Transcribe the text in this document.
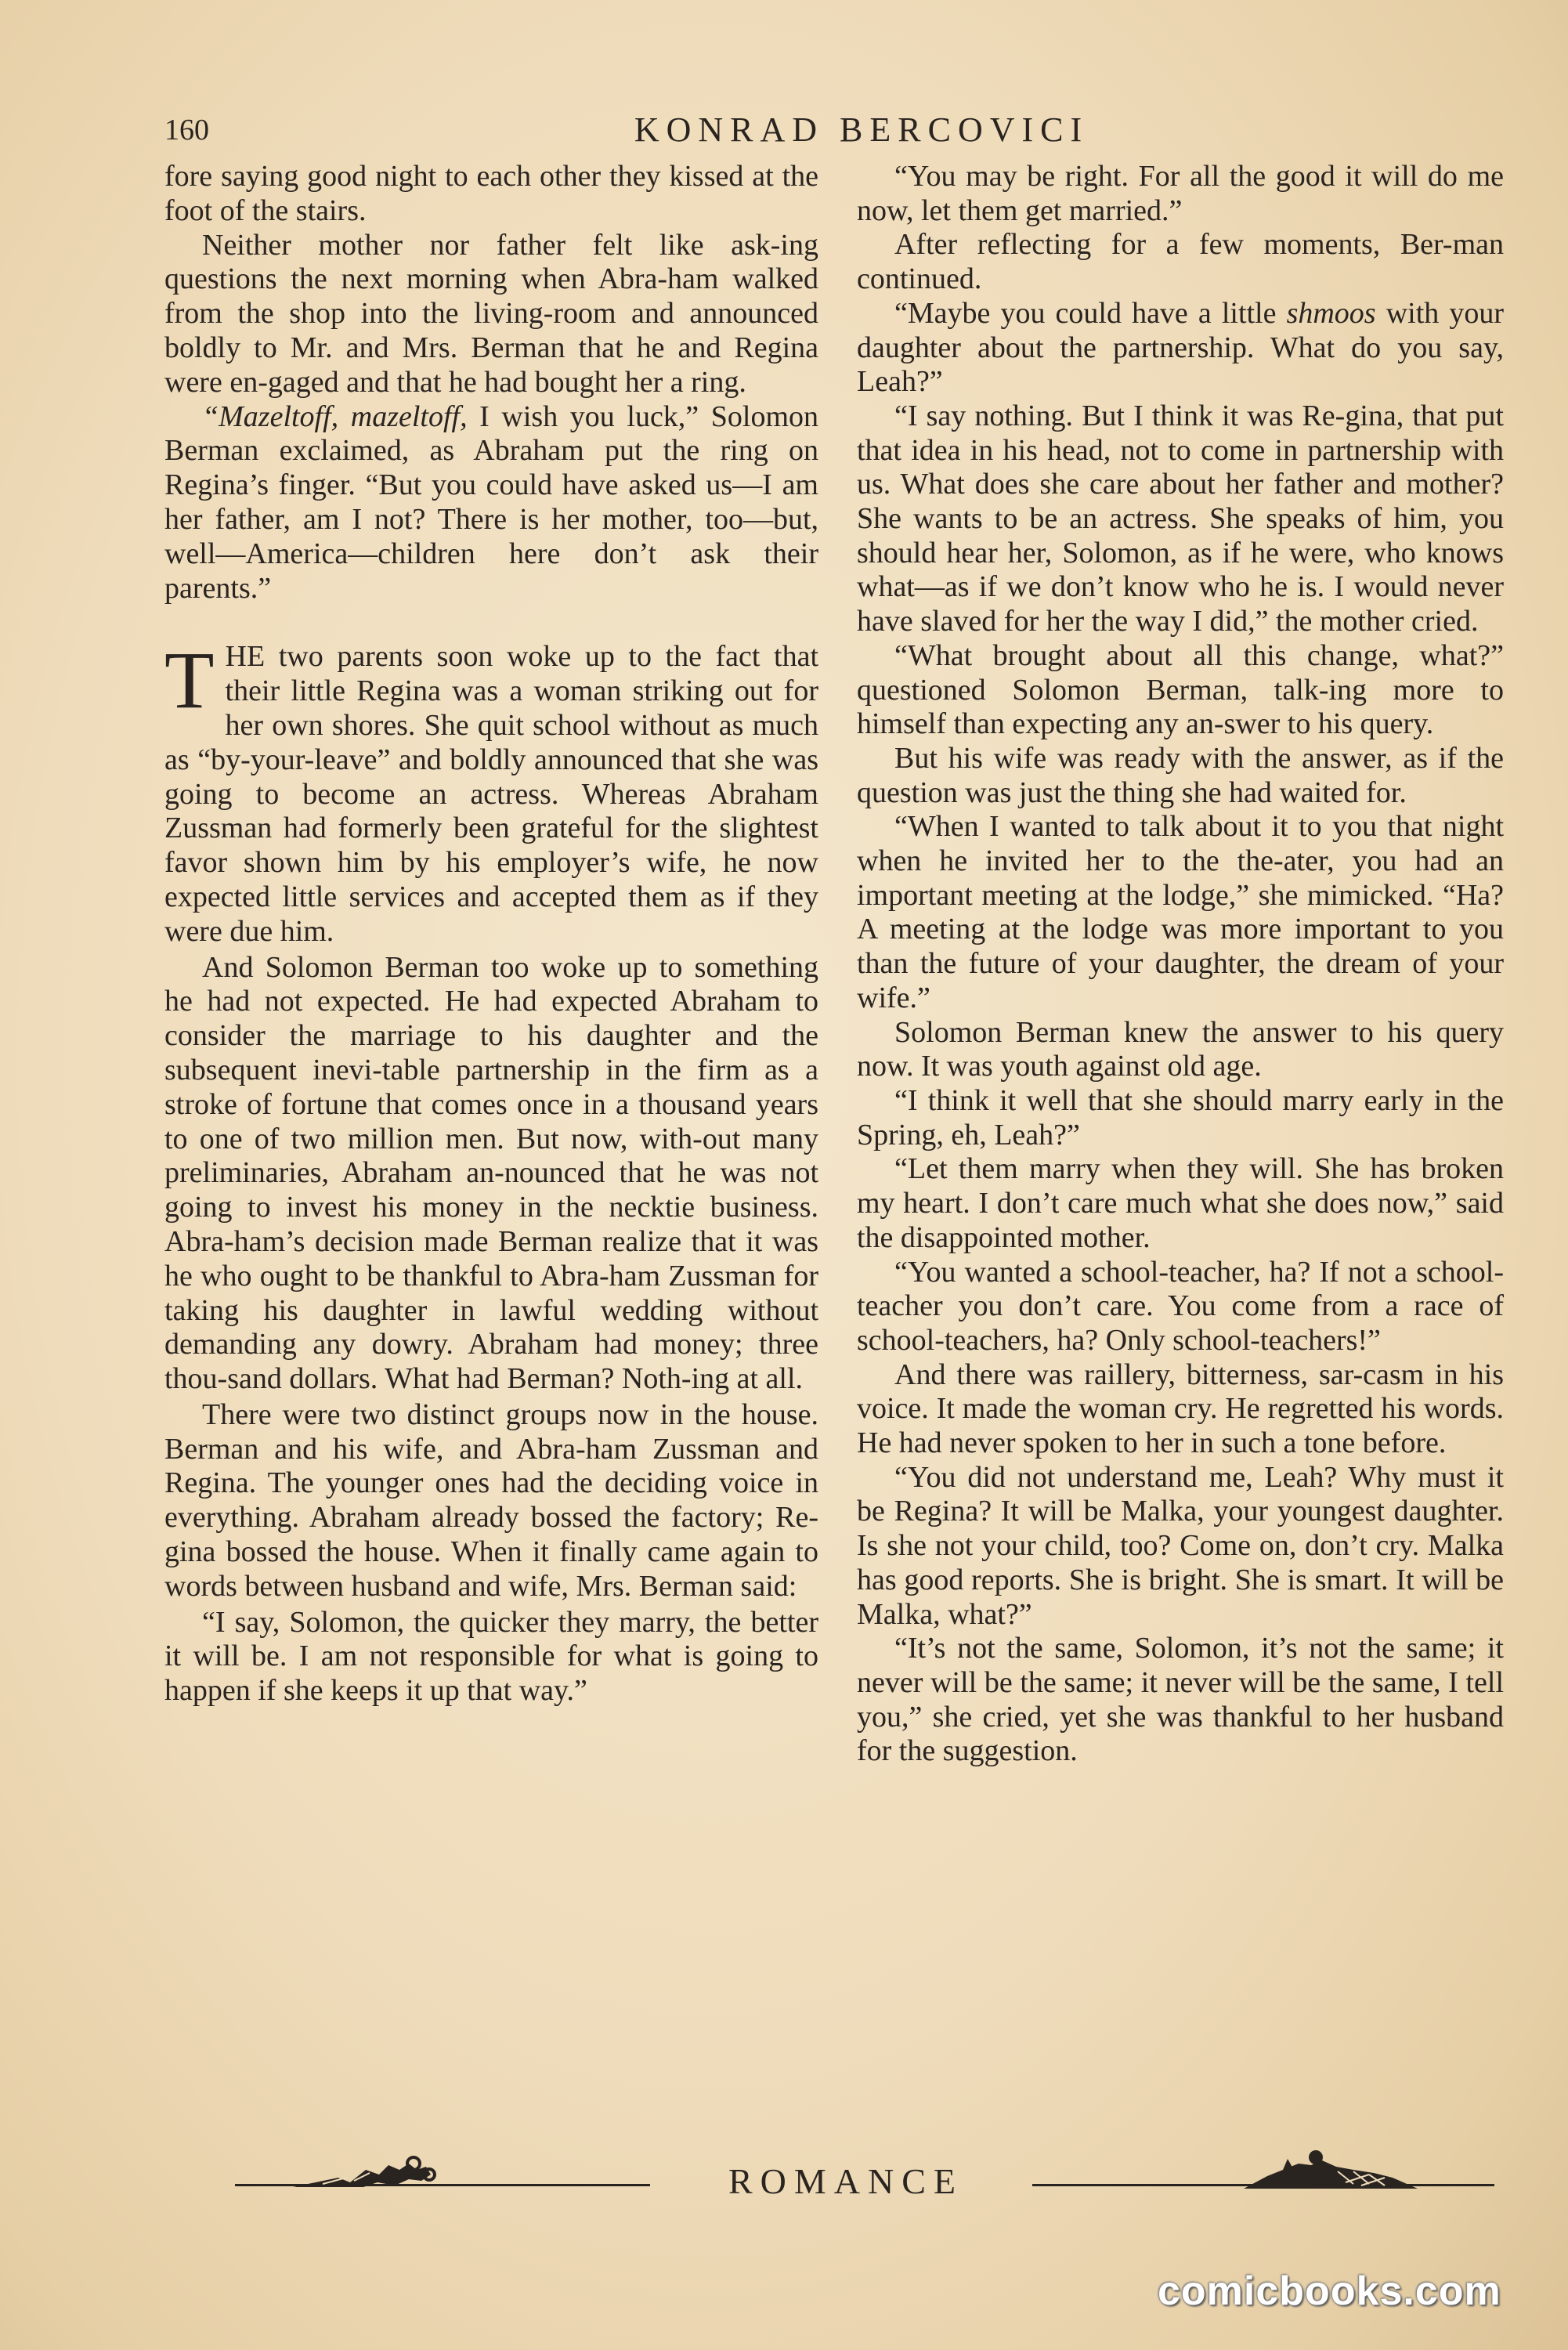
160	KONRAD BERCOVICI

fore saying good night to each other they kissed at the foot of the stairs.

Neither mother nor father felt like ask-ing questions the next morning when Abra-ham walked from the shop into the living-room and announced boldly to Mr. and Mrs. Berman that he and Regina were en-gaged and that he had bought her a ring.

“Mazeltoff, mazeltoff, I wish you luck,” Solomon Berman exclaimed, as Abraham put the ring on Regina’s finger. “But you could have asked us—I am her father, am I not? There is her mother, too—but, well—America—children here don’t ask their parents.”

THE two parents soon woke up to the fact that their little Regina was a woman striking out for her own shores. She quit school without as much as “by-your-leave” and boldly announced that she was going to become an actress. Whereas Abraham Zussman had formerly been grateful for the slightest favor shown him by his employer’s wife, he now expected little services and accepted them as if they were due him.

And Solomon Berman too woke up to something he had not expected. He had expected Abraham to consider the marriage to his daughter and the subsequent inevi-table partnership in the firm as a stroke of fortune that comes once in a thousand years to one of two million men. But now, with-out many preliminaries, Abraham an-nounced that he was not going to invest his money in the necktie business. Abra-ham’s decision made Berman realize that it was he who ought to be thankful to Abra-ham Zussman for taking his daughter in lawful wedding without demanding any dowry. Abraham had money; three thou-sand dollars. What had Berman? Noth-ing at all.

There were two distinct groups now in the house. Berman and his wife, and Abra-ham Zussman and Regina. The younger ones had the deciding voice in everything. Abraham already bossed the factory; Re-gina bossed the house. When it finally came again to words between husband and wife, Mrs. Berman said:

“I say, Solomon, the quicker they marry, the better it will be. I am not responsible for what is going to happen if she keeps it up that way.”

“You may be right. For all the good it will do me now, let them get married.”

After reflecting for a few moments, Ber-man continued.

“Maybe you could have a little shmoos with your daughter about the partnership. What do you say, Leah?”

“I say nothing. But I think it was Re-gina, that put that idea in his head, not to come in partnership with us. What does she care about her father and mother? She wants to be an actress. She speaks of him, you should hear her, Solomon, as if he were, who knows what—as if we don’t know who he is. I would never have slaved for her the way I did,” the mother cried.

“What brought about all this change, what?” questioned Solomon Berman, talk-ing more to himself than expecting any an-swer to his query.

But his wife was ready with the answer, as if the question was just the thing she had waited for.

“When I wanted to talk about it to you that night when he invited her to the the-ater, you had an important meeting at the lodge,” she mimicked. “Ha? A meeting at the lodge was more important to you than the future of your daughter, the dream of your wife.”

Solomon Berman knew the answer to his query now. It was youth against old age.

“I think it well that she should marry early in the Spring, eh, Leah?”

“Let them marry when they will. She has broken my heart. I don’t care much what she does now,” said the disappointed mother.

“You wanted a school-teacher, ha? If not a school-teacher you don’t care. You come from a race of school-teachers, ha? Only school-teachers!”

And there was raillery, bitterness, sar-casm in his voice. It made the woman cry. He regretted his words. He had never spoken to her in such a tone before.

“You did not understand me, Leah? Why must it be Regina? It will be Malka, your youngest daughter. Is she not your child, too? Come on, don’t cry. Malka has good reports. She is bright. She is smart. It will be Malka, what?”

“It’s not the same, Solomon, it’s not the same; it never will be the same; it never will be the same, I tell you,” she cried, yet she was thankful to her husband for the suggestion.

ROMANCE
comicbooks.com
